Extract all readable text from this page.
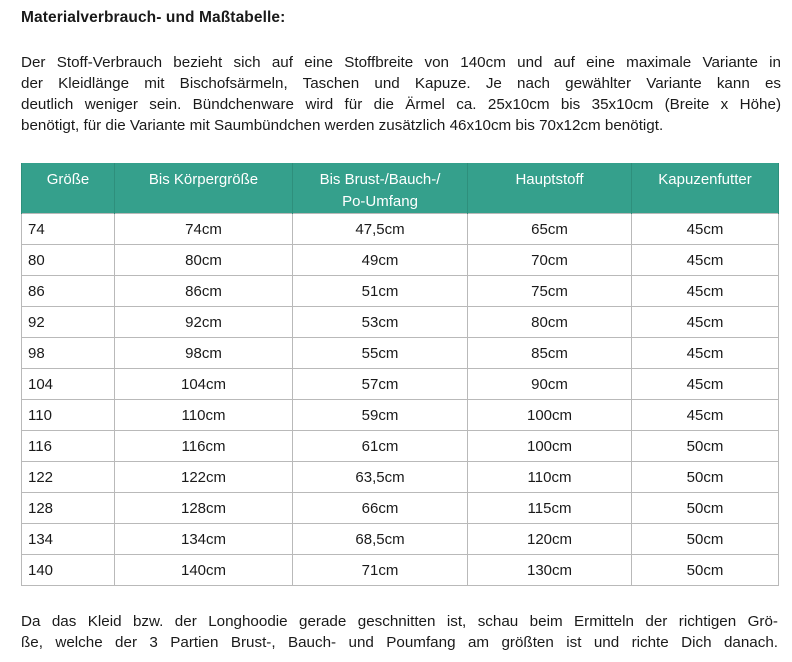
Materialverbrauch- und Maßtabelle:
Der Stoff-Verbrauch bezieht sich auf eine Stoffbreite von 140cm und auf eine maximale Variante in
der Kleidlänge mit Bischofsärmeln, Taschen und Kapuze. Je nach gewählter Variante kann es
deutlich weniger sein. Bündchenware wird für die Ärmel ca. 25x10cm bis 35x10cm (Breite x Höhe)
benötigt, für die Variante mit Saumbündchen werden zusätzlich 46x10cm bis 70x12cm benötigt.
Größe	Bis Körpergröße	Bis Brust-/Bauch-/
Po-Umfang	Hauptstoff	Kapuzenfutter
74	74cm	47,5cm	65cm	45cm
80	80cm	49cm	70cm	45cm
86	86cm	51cm	75cm	45cm
92	92cm	53cm	80cm	45cm
98	98cm	55cm	85cm	45cm
104	104cm	57cm	90cm	45cm
110	110cm	59cm	100cm	45cm
116	116cm	61cm	100cm	50cm
122	122cm	63,5cm	110cm	50cm
128	128cm	66cm	115cm	50cm
134	134cm	68,5cm	120cm	50cm
140	140cm	71cm	130cm	50cm
Da das Kleid bzw. der Longhoodie gerade geschnitten ist, schau beim Ermitteln der richtigen Grö-
ße, welche der 3 Partien Brust-, Bauch- und Poumfang am größten ist und richte Dich danach.
